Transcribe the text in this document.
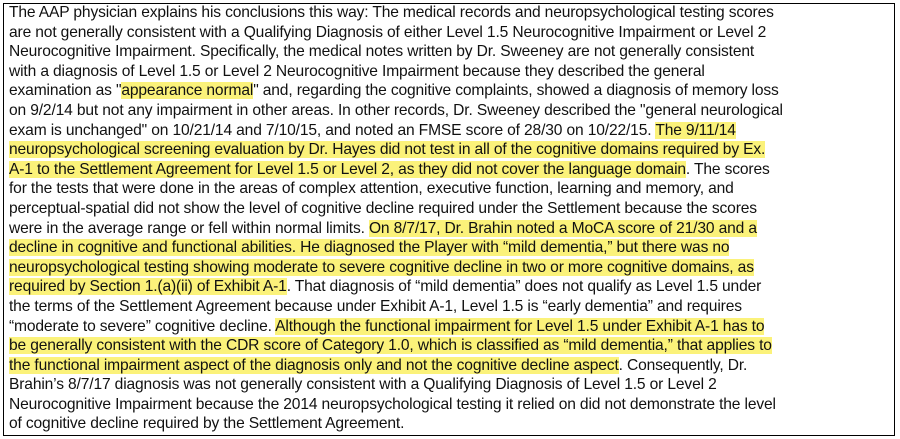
The AAP physician explains his conclusions this way: The medical records and neuropsychological testing scores
are not generally consistent with a Qualifying Diagnosis of either Level 1.5 Neurocognitive Impairment or Level 2
Neurocognitive Impairment. Specifically, the medical notes written by Dr. Sweeney are not generally consistent
with a diagnosis of Level 1.5 or Level 2 Neurocognitive Impairment because they described the general
examination as "appearance normal" and, regarding the cognitive complaints, showed a diagnosis of memory loss
on 9/2/14 but not any impairment in other areas. In other records, Dr. Sweeney described the "general neurological
exam is unchanged" on 10/21/14 and 7/10/15, and noted an FMSE score of 28/30 on 10/22/15. The 9/11/14
neuropsychological screening evaluation by Dr. Hayes did not test in all of the cognitive domains required by Ex.
A-1 to the Settlement Agreement for Level 1.5 or Level 2, as they did not cover the language domain. The scores
for the tests that were done in the areas of complex attention, executive function, learning and memory, and
perceptual-spatial did not show the level of cognitive decline required under the Settlement because the scores
were in the average range or fell within normal limits. On 8/7/17, Dr. Brahin noted a MoCA score of 21/30 and a
decline in cognitive and functional abilities. He diagnosed the Player with “mild dementia,” but there was no
neuropsychological testing showing moderate to severe cognitive decline in two or more cognitive domains, as
required by Section 1.(a)(ii) of Exhibit A-1. That diagnosis of “mild dementia” does not qualify as Level 1.5 under
the terms of the Settlement Agreement because under Exhibit A-1, Level 1.5 is “early dementia” and requires
“moderate to severe” cognitive decline. Although the functional impairment for Level 1.5 under Exhibit A-1 has to
be generally consistent with the CDR score of Category 1.0, which is classified as “mild dementia,” that applies to
the functional impairment aspect of the diagnosis only and not the cognitive decline aspect. Consequently, Dr.
Brahin’s 8/7/17 diagnosis was not generally consistent with a Qualifying Diagnosis of Level 1.5 or Level 2
Neurocognitive Impairment because the 2014 neuropsychological testing it relied on did not demonstrate the level
of cognitive decline required by the Settlement Agreement.
